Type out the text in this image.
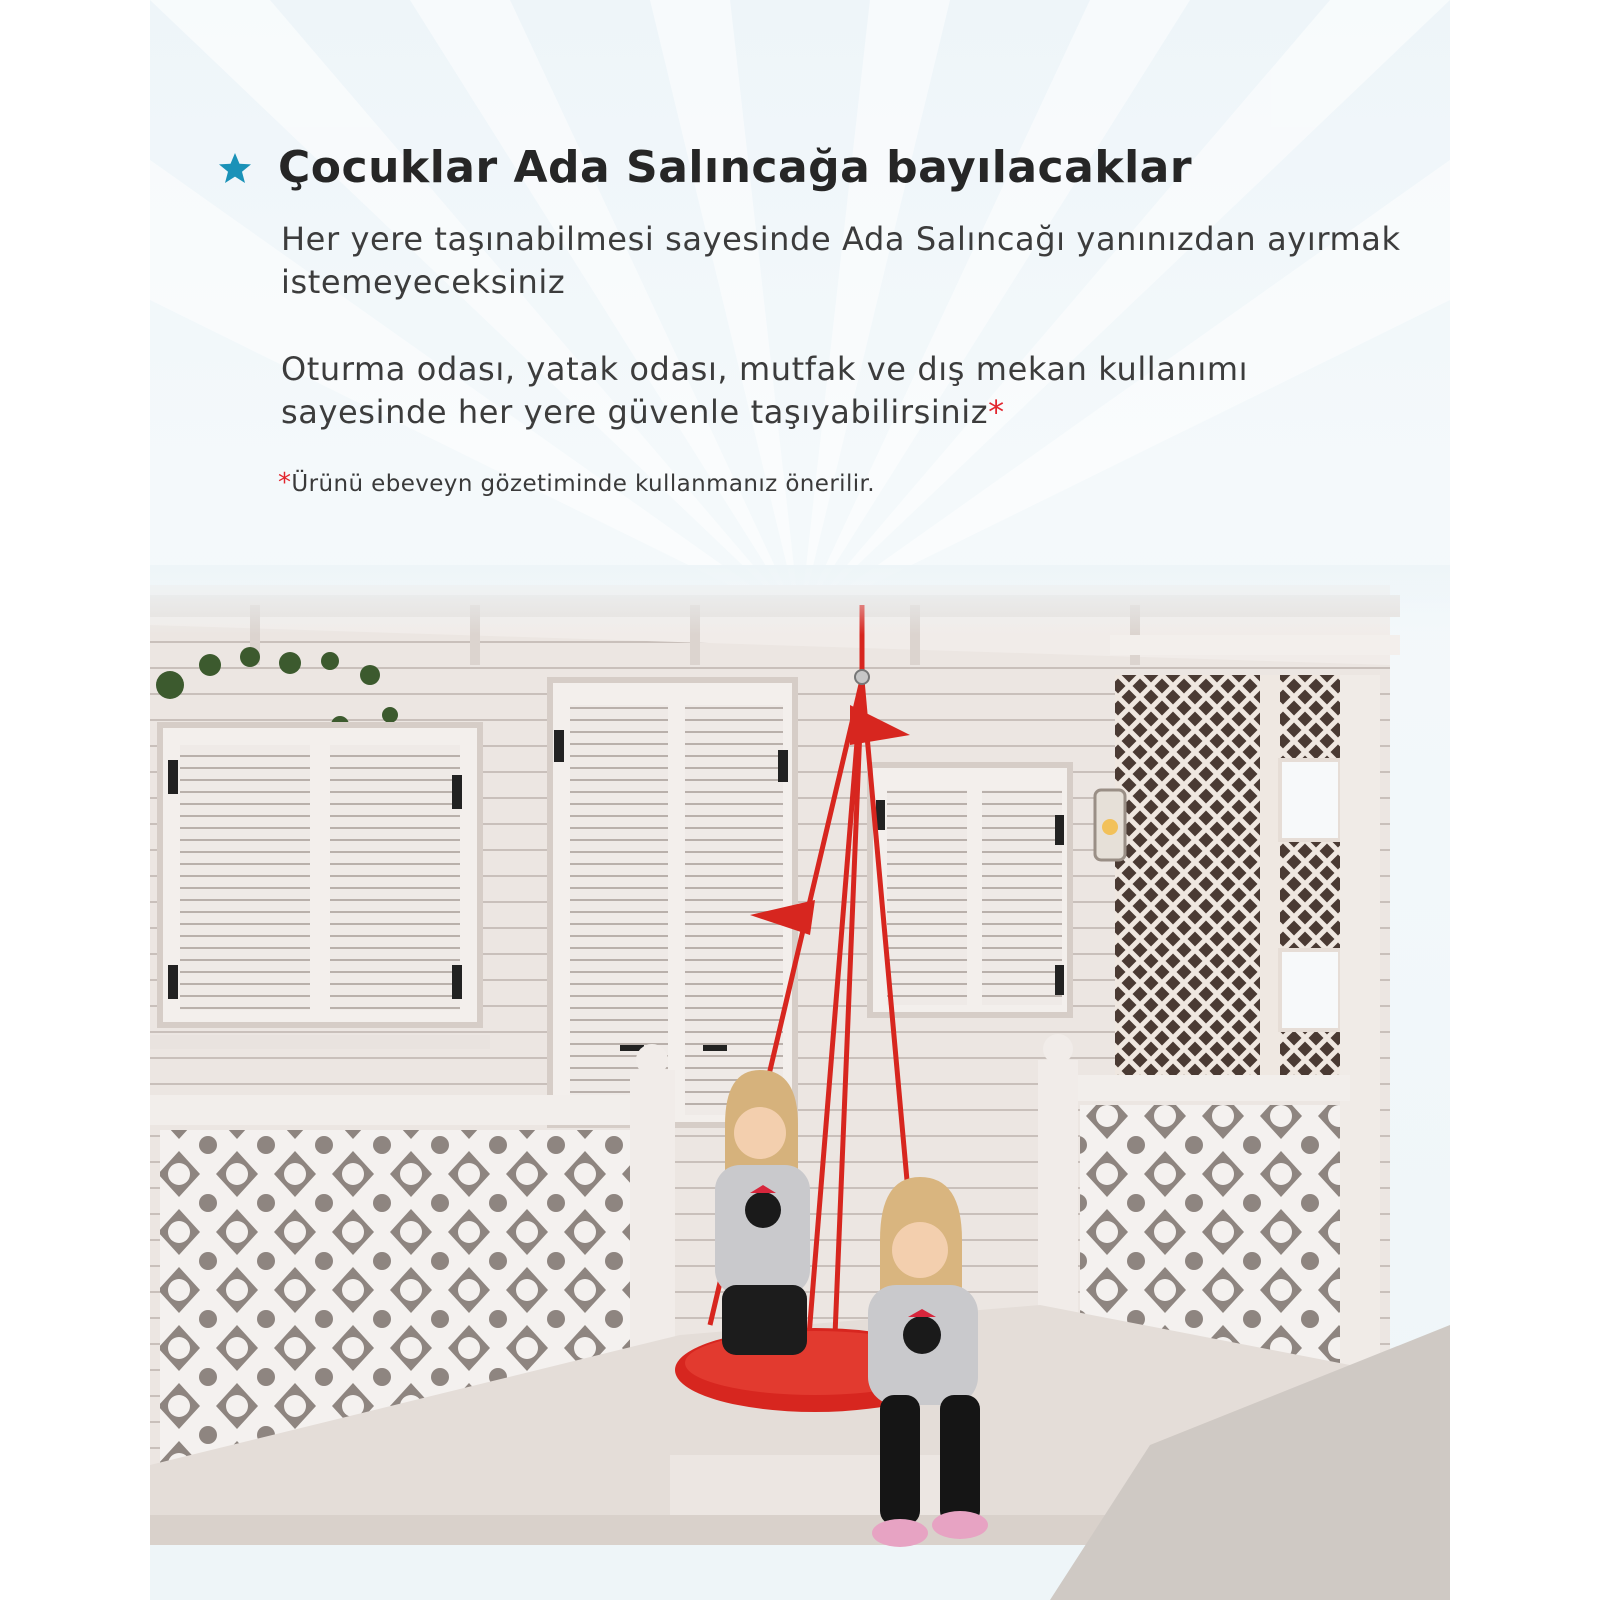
Çocuklar Ada Salıncağa bayılacaklar

Her yere taşınabilmesi sayesinde Ada Salıncağı yanınızdan ayırmak istemeyeceksiniz

Oturma odası, yatak odası, mutfak ve dış mekan kullanımı sayesinde her yere güvenle taşıyabilirsiniz*

*Ürünü ebeveyn gözetiminde kullanmanız önerilir.
